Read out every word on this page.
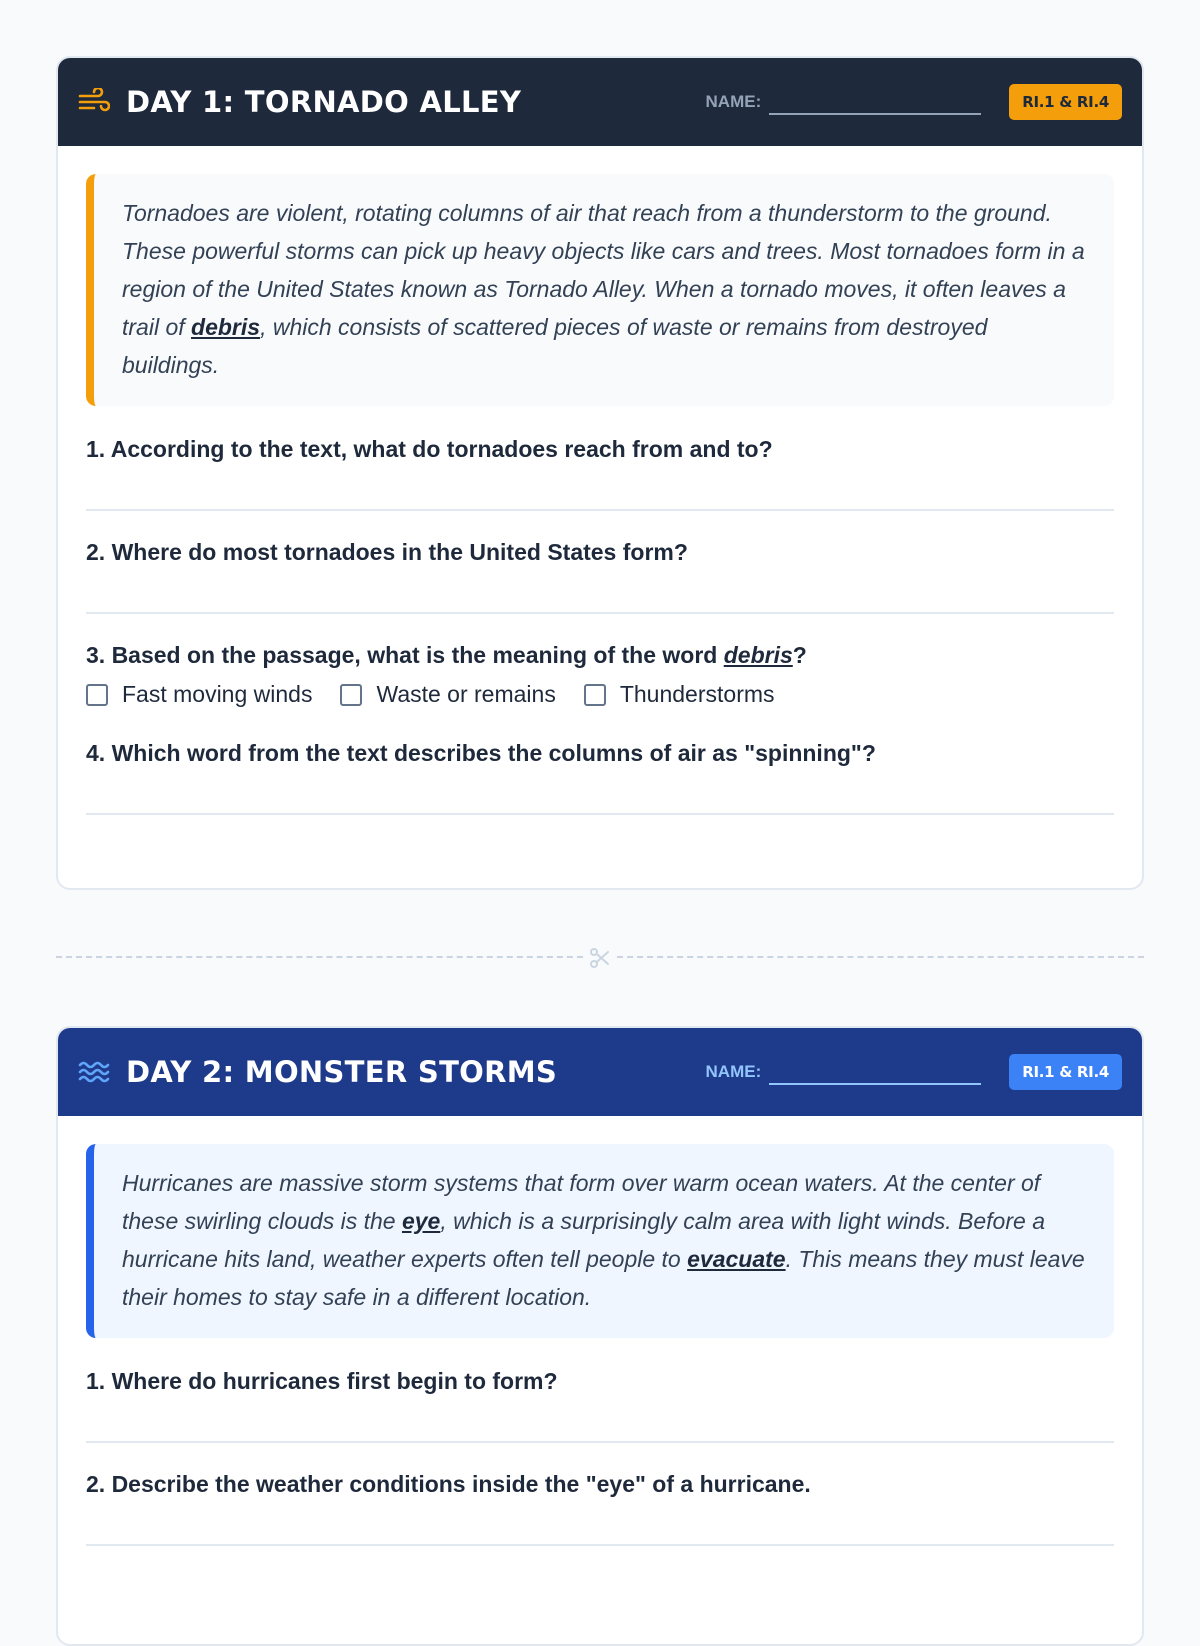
DAY 1: TORNADO ALLEY	NAME:	RI.1 & RI.4
Tornadoes are violent, rotating columns of air that reach from a thunderstorm to the ground. These powerful storms can pick up heavy objects like cars and trees. Most tornadoes form in a region of the United States known as Tornado Alley. When a tornado moves, it often leaves a trail of debris, which consists of scattered pieces of waste or remains from destroyed buildings.
1. According to the text, what do tornadoes reach from and to?
2. Where do most tornadoes in the United States form?
3. Based on the passage, what is the meaning of the word debris?
Fast moving winds	Waste or remains	Thunderstorms
4. Which word from the text describes the columns of air as "spinning"?
DAY 2: MONSTER STORMS	NAME:	RI.1 & RI.4
Hurricanes are massive storm systems that form over warm ocean waters. At the center of these swirling clouds is the eye, which is a surprisingly calm area with light winds. Before a hurricane hits land, weather experts often tell people to evacuate. This means they must leave their homes to stay safe in a different location.
1. Where do hurricanes first begin to form?
2. Describe the weather conditions inside the "eye" of a hurricane.
